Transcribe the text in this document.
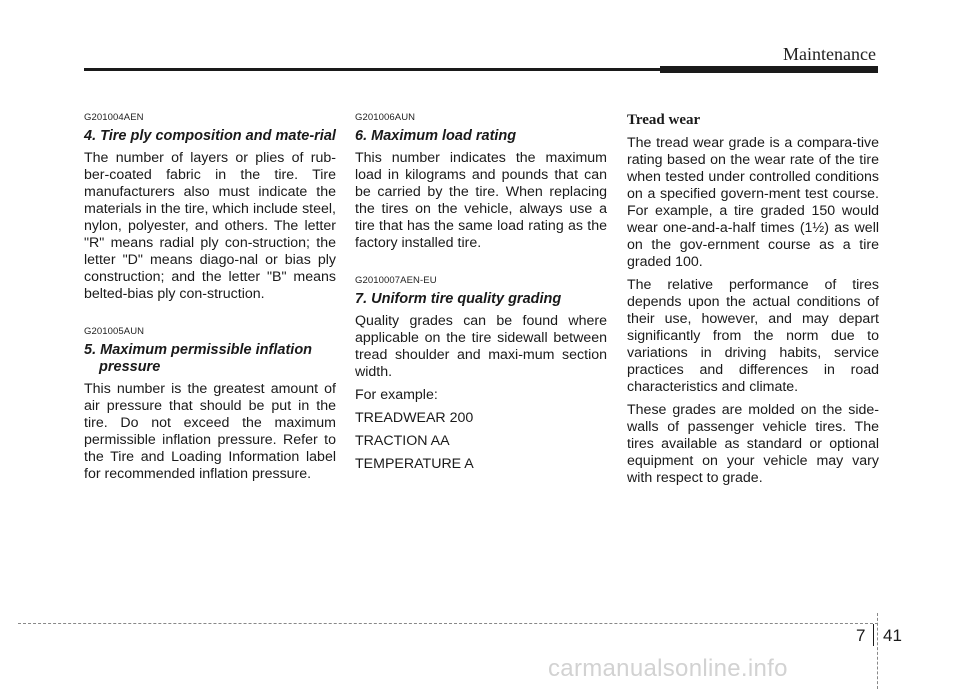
Maintenance
G201004AEN
4. Tire ply composition and mate-rial

The number of layers or plies of rub-ber-coated fabric in the tire. Tire manufacturers also must indicate the materials in the tire, which include steel, nylon, polyester, and others. The letter "R" means radial ply con-struction; the letter "D" means diago-nal or bias ply construction; and the letter "B" means belted-bias ply con-struction.

G201005AUN
5. Maximum permissible inflation pressure

This number is the greatest amount of air pressure that should be put in the tire. Do not exceed the maximum permissible inflation pressure. Refer to the Tire and Loading Information label for recommended inflation pressure.

G201006AUN
6. Maximum load rating

This number indicates the maximum load in kilograms and pounds that can be carried by the tire. When replacing the tires on the vehicle, always use a tire that has the same load rating as the factory installed tire.

G2010007AEN-EU
7. Uniform tire quality grading

Quality grades can be found where applicable on the tire sidewall between tread shoulder and maxi-mum section width.

For example:

TREADWEAR 200

TRACTION AA

TEMPERATURE A

Tread wear

The tread wear grade is a compara-tive rating based on the wear rate of the tire when tested under controlled conditions on a specified govern-ment test course. For example, a tire graded 150 would wear one-and-a-half times (1½) as well on the gov-ernment course as a tire graded 100.

The relative performance of tires depends upon the actual conditions of their use, however, and may depart significantly from the norm due to variations in driving habits, service practices and differences in road characteristics and climate.

These grades are molded on the side-walls of passenger vehicle tires. The tires available as standard or optional equipment on your vehicle may vary with respect to grade.

7 41
carmanualsonline.info
